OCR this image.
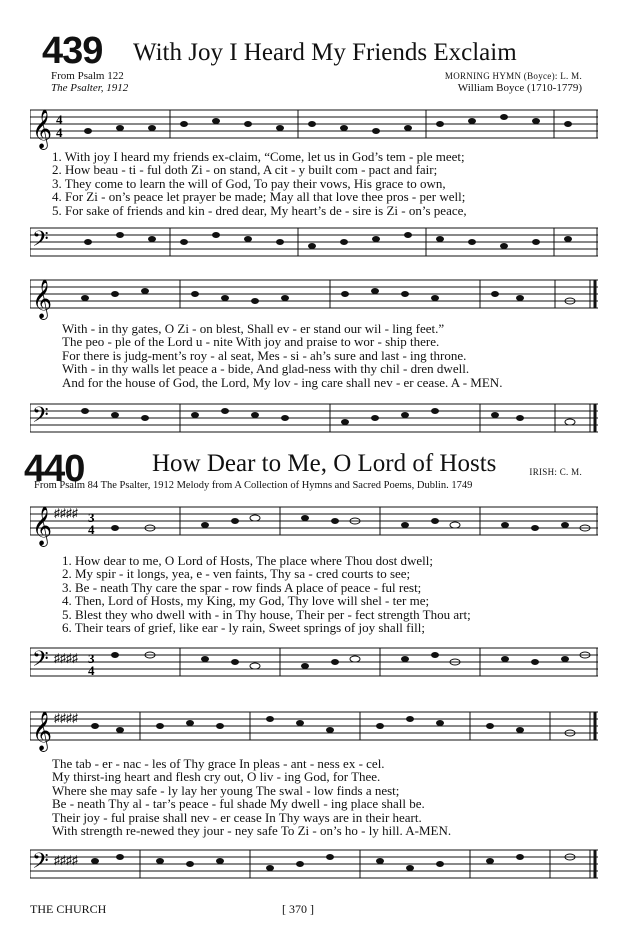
439 With Joy I Heard My Friends Exclaim
From Psalm 122
The Psalter, 1912
MORNING HYMN (Boyce): L. M.
William Boyce (1710-1779)
𝄞 4
4
1. With joy I heard my friends ex-claim, “Come, let us in God’s tem - ple meet;
2. How beau - ti - ful doth Zi - on stand, A cit - y built com - pact and fair;
3. They come to learn the will of God, To pay their vows, His grace to own,
4. For Zi - on’s peace let prayer be made; May all that love thee pros - per well;
5. For sake of friends and kin - dred dear, My heart’s de - sire is Zi - on’s peace,
𝄢
𝄞
With - in thy gates, O Zi - on blest, Shall ev - er stand our wil - ling feet.”
The peo - ple of the Lord u - nite With joy and praise to wor - ship there.
For there is judg-ment’s roy - al seat, Mes - si - ah’s sure and last - ing throne.
With - in thy walls let peace a - bide, And glad-ness with thy chil - dren dwell.
And for the house of God, the Lord, My lov - ing care shall nev - er cease. A - MEN.
𝄢
440	How Dear to Me, O Lord of Hosts	IRISH: C. M.
From Psalm 84 The Psalter, 1912 Melody from A Collection of Hymns and Sacred Poems, Dublin. 1749
𝄞 ♯♯♯♯ 3
4
1. How dear to me, O Lord of Hosts, The place where Thou dost dwell;
2. My spir - it longs, yea, e - ven faints, Thy sa - cred courts to see;
3. Be - neath Thy care the spar - row finds A place of peace - ful rest;
4. Then, Lord of Hosts, my King, my God, Thy love will shel - ter me;
5. Blest they who dwell with - in Thy house, Their per - fect strength Thou art;
6. Their tears of grief, like ear - ly rain, Sweet springs of joy shall fill;
𝄢 ♯♯♯♯ 3
4
𝄞 ♯♯♯♯
The tab - er - nac - les of Thy grace In pleas - ant - ness ex - cel.
My thirst-ing heart and flesh cry out, O liv - ing God, for Thee.
Where she may safe - ly lay her young The swal - low finds a nest;
Be - neath Thy al - tar’s peace - ful shade My dwell - ing place shall be.
Their joy - ful praise shall nev - er cease In Thy ways are in their heart.
With strength re-newed they jour - ney safe To Zi - on’s ho - ly hill. A-MEN.
𝄢 ♯♯♯♯
THE CHURCH	[ 370 ]
